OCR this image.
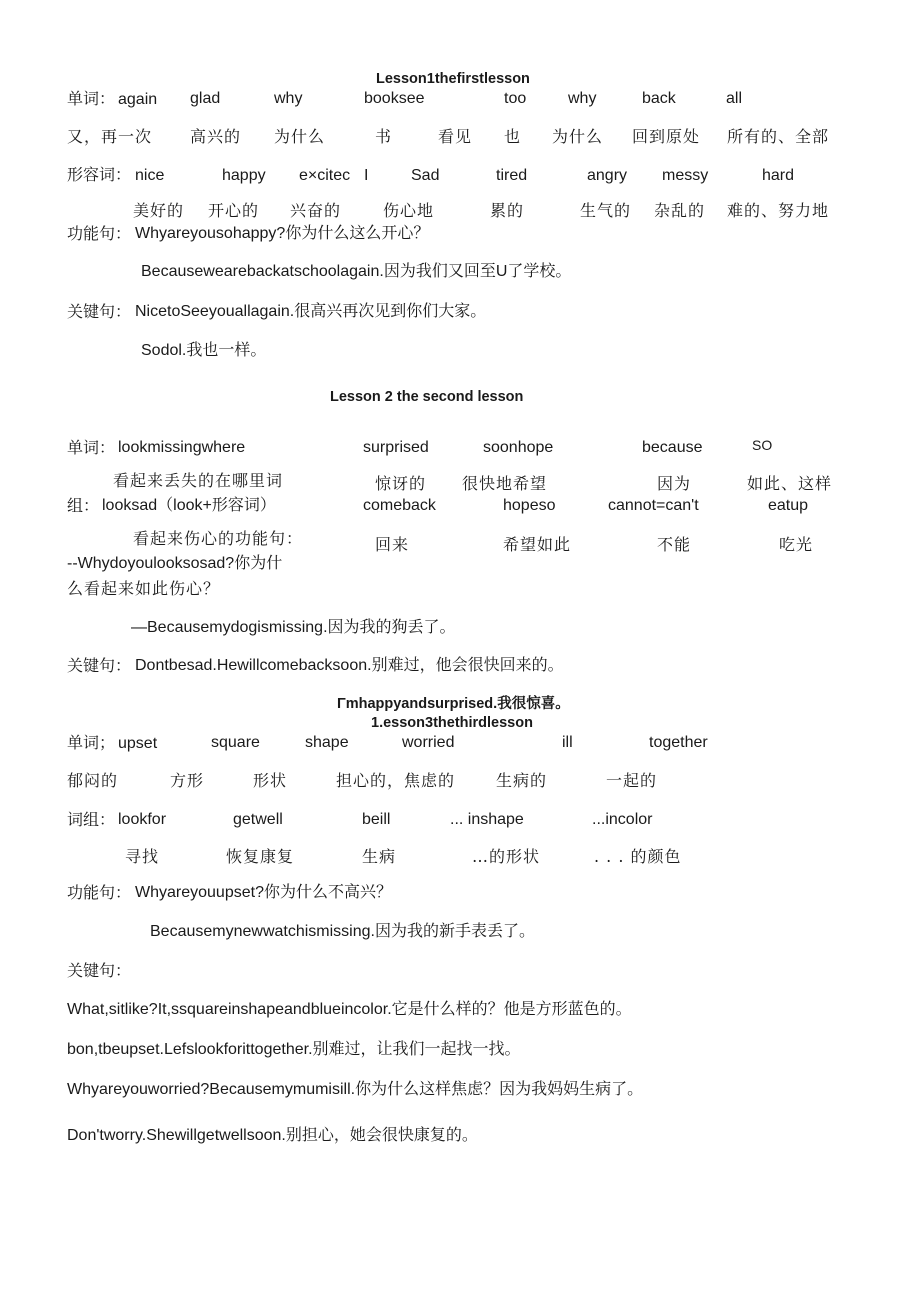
Lesson1thefirstlesson
单词： again glad	why	booksee	too	why	back	all
又，再一次 高兴的 为什么	书	看见 也 为什么 回到原处 所有的、全部
形容词： nice	happy e×citec I	Sad	tired	angry messy	hard
美好的 开心的 兴奋的	伤心地	累的	生气的 杂乱的 难的、努力地
功能句： Whyareyousohappy?你为什么这么开心？
Becausewearebackatschoolagain.因为我们又回至U了学校。
关键句： NicetoSeeyouallagain.很高兴再次见到你们大家。
Sodol.我也一样。
Lesson 2 the second lesson
单词： lookmissingwhere	surprised	soonhope	because	SO
看起来丢失的在哪里词	惊讶的 很快地希望	因为	如此、这样
组： looksad（look+形容词）	comeback	hopeso	cannot=can't	eatup
看起来伤心的功能句：	回来	希望如此	不能	吃光
--Whydoyoulooksosad?你为什
么看起来如此伤心？
—Becausemydogismissing.因为我的狗丢了。
关键句： Dontbesad.Hewillcomebacksoon.别难过，他会很快回来的。
Γmhappyandsurprised.我很惊喜。
1.esson3thethirdlesson
单词； upset	square	shape	worried	ill	together
郁闷的	方形	形状	担心的，焦虑的	生病的	一起的
词组： lookfor	getwell	beill	... inshape	...incolor
寻找	恢复康复	生病	…的形状	. . . 的颜色
功能句： Whyareyouupset?你为什么不高兴？
Becausemynewwatchismissing.因为我的新手表丢了。
关键句：
What,sitlike?It,ssquareinshapeandblueincolor.它是什么样的？他是方形蓝色的。
bon,tbeupset.Lefslookforittogether.别难过，让我们一起找一找。
Whyareyouworried?Becausemymumisill.你为什么这样焦虑？因为我妈妈生病了。
Don'tworry.Shewillgetwellsoon.别担心，她会很快康复的。
